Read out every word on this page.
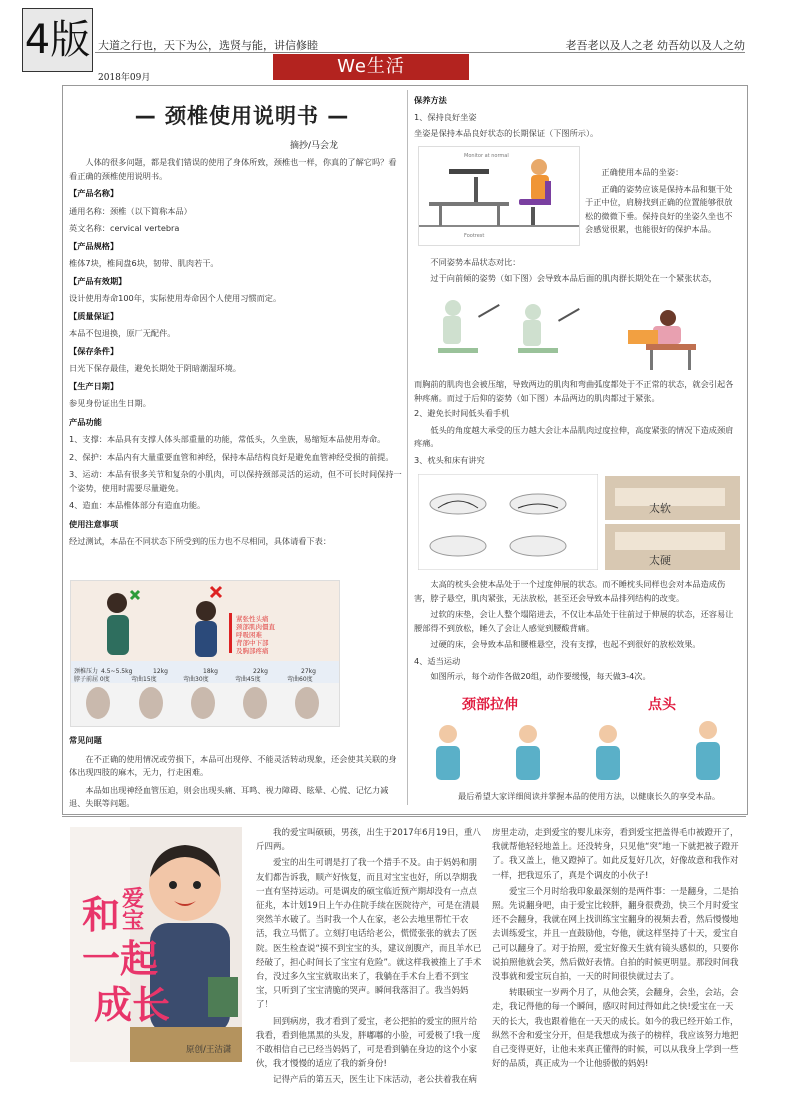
4版 大道之行也，天下为公，选贤与能，讲信修睦	老吾老以及人之老 幼吾幼以及人之幼
We生活
2018年09月
— 颈椎使用说明书 —
摘抄/马会龙

人体的很多问题，都是我们错误的使用了身体所致，颈椎也一样，你真的了解它吗？看看正确的颈椎使用说明书。

【产品名称】

通用名称：颈椎（以下简称本品）

英文名称：cervical vertebra

【产品规格】

椎体7块，椎间盘6块，韧带、肌肉若干。

【产品有效期】

设计使用寿命100年，实际使用寿命因个人使用习惯而定。

【质量保证】

本品不包退换，原厂无配件。

【保存条件】

日光下保存最佳，避免长期处于阴暗潮湿环境。

【生产日期】

参见身份证出生日期。

产品功能

1、支撑：本品具有支撑人体头部重量的功能，常低头，久坐族，易缩短本品使用寿命。

2、保护：本品内有大量重要血管和神经，保持本品结构良好是避免血管神经受损的前提。

3、运动：本品有很多关节和复杂的小肌肉，可以保持颈部灵活的运动，但不可长时间保持一个姿势，使用时需要尽量避免。

4、造血：本品椎体部分有造血功能。

使用注意事项

经过测试，本品在不同状态下所受到的压力也不尽相同，具体请看下表：

紧张性头痛
颈部肌肉僵直
呼吸困难
背部中下部
及胸部疼痛
颈椎压力 4.5~5.5kg	12kg	18kg	22kg	27kg
脖子前屈 0度	弯曲15度	弯曲30度	弯曲45度	弯曲60度

常见问题

在不正确的使用情况或劳损下，本品可出现停、不能灵活转动现象，还会使其关联的身体出现四肢的麻木，无力，行走困难。

本品如出现神经血管压迫，则会出现头痛、耳鸣、视力障碍、眩晕、心慌、记忆力减退、失眠等问题。

保养方法

1、保持良好坐姿

坐姿是保持本品良好状态的长期保证（下图所示）。

Monitor at normal
Footrest

正确使用本品的坐姿：

正确的姿势应该是保持本品和躯干处于正中位，肩膀找到正确的位置能够很放松的微微下垂。保持良好的坐姿久坐也不会感觉很累，也能很好的保护本品。

不同姿势本品状态对比：

过于向前倾的姿势（如下图）会导致本品后面的肌肉群长期处在一个紧张状态，

而胸前的肌肉也会被压缩，导致两边的肌肉和弯曲弧度都处于不正常的状态，就会引起各种疼痛。而过于后仰的姿势（如下图）本品两边的肌肉都过于紧张。

2、避免长时间低头看手机

低头的角度越大承受的压力越大会让本品肌肉过度拉伸，高度紧张的情况下造成颈肩疼痛。

3、枕头和床有讲究

太软
太硬

太高的枕头会使本品处于一个过度伸展的状态。而不睡枕头同样也会对本品造成伤害，脖子悬空，肌肉紧张，无法放松，甚至还会导致本品排列结构的改变。

过软的床垫，会让人整个塌陷进去，不仅让本品处于往前过于伸展的状态，还容易让腰部得不到放松，睡久了会让人感觉到腰酸背痛。

过硬的床，会导致本品和腰椎悬空，没有支撑，也起不到很好的放松效果。

4、适当运动

如图所示，每个动作各做20组，动作要缓慢，每天做3-4次。

颈部拉伸	点头
最后希望大家详细阅读并掌握本品的使用方法，以健康长久的享受本品。
和 爱宝
一起
成长
原创/王洁潇

我的爱宝叫硕硕，男孩，出生于2017年6月19日，重八斤四两。

爱宝的出生可谓是打了我一个措手不及。由于妈妈和朋友们都告诉我，顺产好恢复，而且对宝宝也好，所以孕期我一直有坚持运动。可是调皮的硕宝临近预产期却没有一点点征兆，本计划19日上午办住院手续在医院待产，可是在清晨突然羊水破了。当时我一个人在家，老公去地里帮忙干农活，我立马慌了。立刻打电话给老公，慌慌张张的就去了医院。医生检查说“摸不到宝宝的头，建议剖腹产，而且羊水已经破了，担心时间长了宝宝有危险”。就这样我被推上了手术台，没过多久宝宝就取出来了，我躺在手术台上看不到宝宝，只听到了宝宝清脆的哭声。瞬间我落泪了。我当妈妈了！

回到病房，我才看到了爱宝，老公把拍的爱宝的照片给我看，看到他黑黑的头发，胖嘟嘟的小脸，可爱极了!我一度不敢相信自己已经当妈妈了，可是看到躺在身边的这个小家伙，我才慢慢的适应了我的新身份!

记得产后的第五天，医生让下床活动，老公扶着我在病

房里走动，走到爱宝的婴儿床旁，看到爱宝把盖得毛巾被蹬开了，我就帮他轻轻地盖上。还没转身，只见他“突”地一下就把被子蹬开了。我又盖上，他又蹬掉了。如此反复好几次，好像故意和我作对一样，把我逗乐了，真是个调皮的小伙子!

爱宝三个月时给我印象最深刻的是两件事：一是翻身，二是抬照。先说翻身吧，由于爱宝比较胖，翻身很费劲，快三个月时爱宝还不会翻身，我就在网上找训练宝宝翻身的视频去看，然后慢慢地去训练爱宝，并且一直鼓励他，夸他，就这样坚持了十天，爱宝自己可以翻身了。对于抬照，爱宝好像天生就有镜头感似的，只要你说拍照他就会笑，然后做好表情。自拍的时候更明显。那段时间我没事就和爱宝玩自拍，一天的时间很快就过去了。

转眼硕宝一岁两个月了，从他会笑，会翻身，会坐，会站，会走，我记得他的每一个瞬间，感叹时间过得如此之快!爱宝在一天天的长大，我也跟着他在一天天的成长。如今的我已经开始工作，纵然不舍和爱宝分开，但是我想成为孩子的榜样，我应该努力地把自己变得更好，让他未来真正懂得的时候，可以从我身上学到一些好的品质，真正成为一个让他骄傲的妈妈!
